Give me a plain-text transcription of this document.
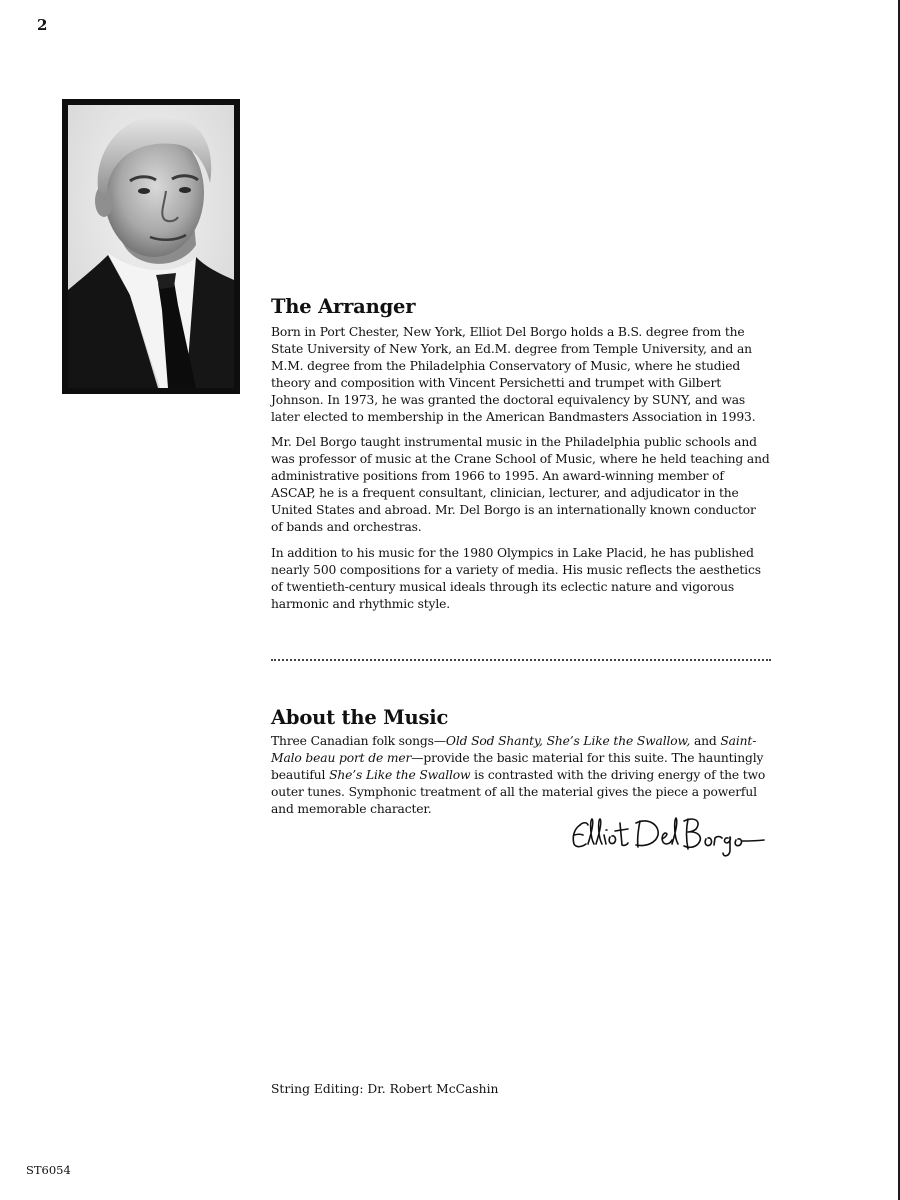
2
The Arranger

Born in Port Chester, New York, Elliot Del Borgo holds a B.S. degree from the State University of New York, an Ed.M. degree from Temple University, and an M.M. degree from the Philadelphia Conservatory of Music, where he studied theory and composition with Vincent Persichetti and trumpet with Gilbert Johnson. In 1973, he was granted the doctoral equivalency by SUNY, and was later elected to membership in the American Bandmasters Association in 1993.

Mr. Del Borgo taught instrumental music in the Philadelphia public schools and was professor of music at the Crane School of Music, where he held teaching and administrative positions from 1966 to 1995. An award-winning member of ASCAP, he is a frequent consultant, clinician, lecturer, and adjudicator in the United States and abroad. Mr. Del Borgo is an internationally known conductor of bands and orchestras.

In addition to his music for the 1980 Olympics in Lake Placid, he has published nearly 500 compositions for a variety of media. His music reflects the aesthetics of twentieth-century musical ideals through its eclectic nature and vigorous harmonic and rhythmic style.

About the Music

Three Canadian folk songs—Old Sod Shanty, She’s Like the Swallow, and Saint-Malo beau port de mer—provide the basic material for this suite. The hauntingly beautiful She’s Like the Swallow is contrasted with the driving energy of the two outer tunes. Symphonic treatment of all the material gives the piece a powerful and memorable character.

String Editing: Dr. Robert McCashin
ST6054
